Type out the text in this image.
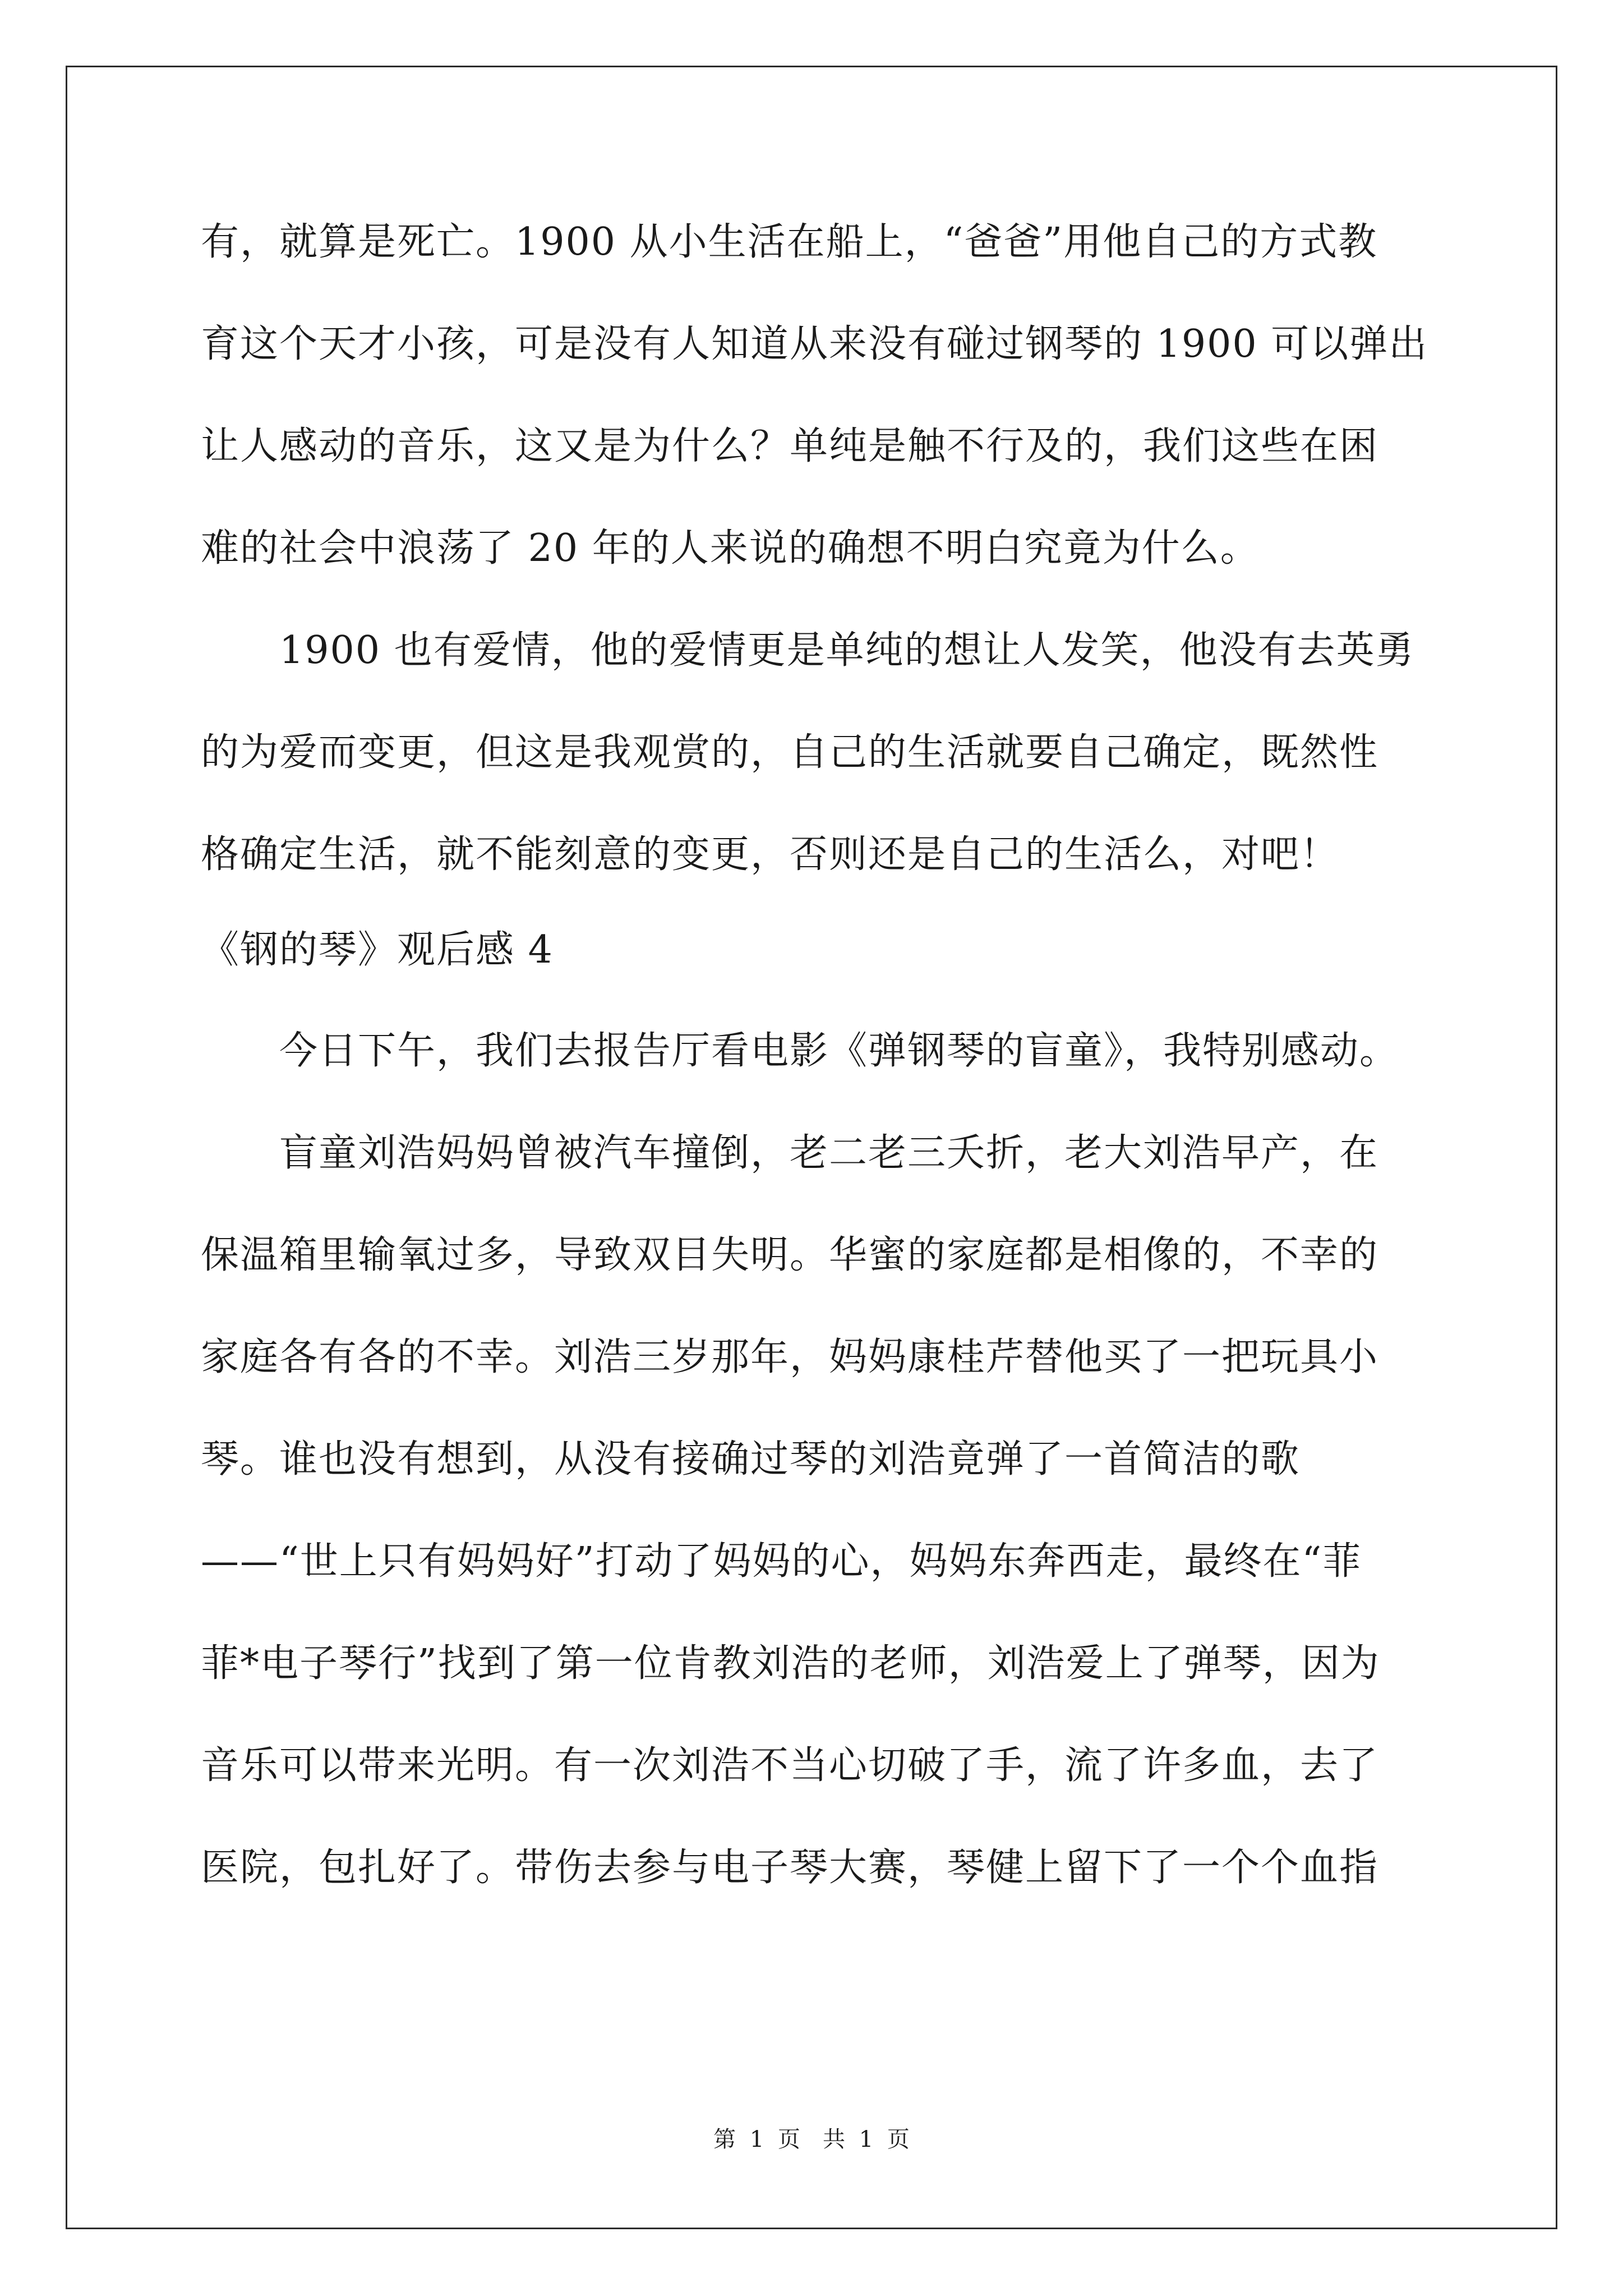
有，就算是死亡。1900 从小生活在船上，“爸爸”用他自己的方式教
育这个天才小孩，可是没有人知道从来没有碰过钢琴的 1900 可以弹出
让人感动的音乐，这又是为什么？单纯是触不行及的，我们这些在困
难的社会中浪荡了 20 年的人来说的确想不明白究竟为什么。
　　1900 也有爱情，他的爱情更是单纯的想让人发笑，他没有去英勇
的为爱而变更，但这是我观赏的，自己的生活就要自己确定，既然性
格确定生活，就不能刻意的变更，否则还是自己的生活么，对吧！
《钢的琴》观后感 4
　　今日下午，我们去报告厅看电影《弹钢琴的盲童》，我特别感动。
　　盲童刘浩妈妈曾被汽车撞倒，老二老三夭折，老大刘浩早产，在
保温箱里输氧过多，导致双目失明。华蜜的家庭都是相像的，不幸的
家庭各有各的不幸。刘浩三岁那年，妈妈康桂芹替他买了一把玩具小
琴。谁也没有想到，从没有接确过琴的刘浩竟弹了一首简洁的歌
——“世上只有妈妈好”打动了妈妈的心，妈妈东奔西走，最终在“菲
菲*电子琴行”找到了第一位肯教刘浩的老师，刘浩爱上了弹琴，因为
音乐可以带来光明。有一次刘浩不当心切破了手，流了许多血，去了
医院，包扎好了。带伤去参与电子琴大赛，琴健上留下了一个个血指
第 1 页　共 1 页
